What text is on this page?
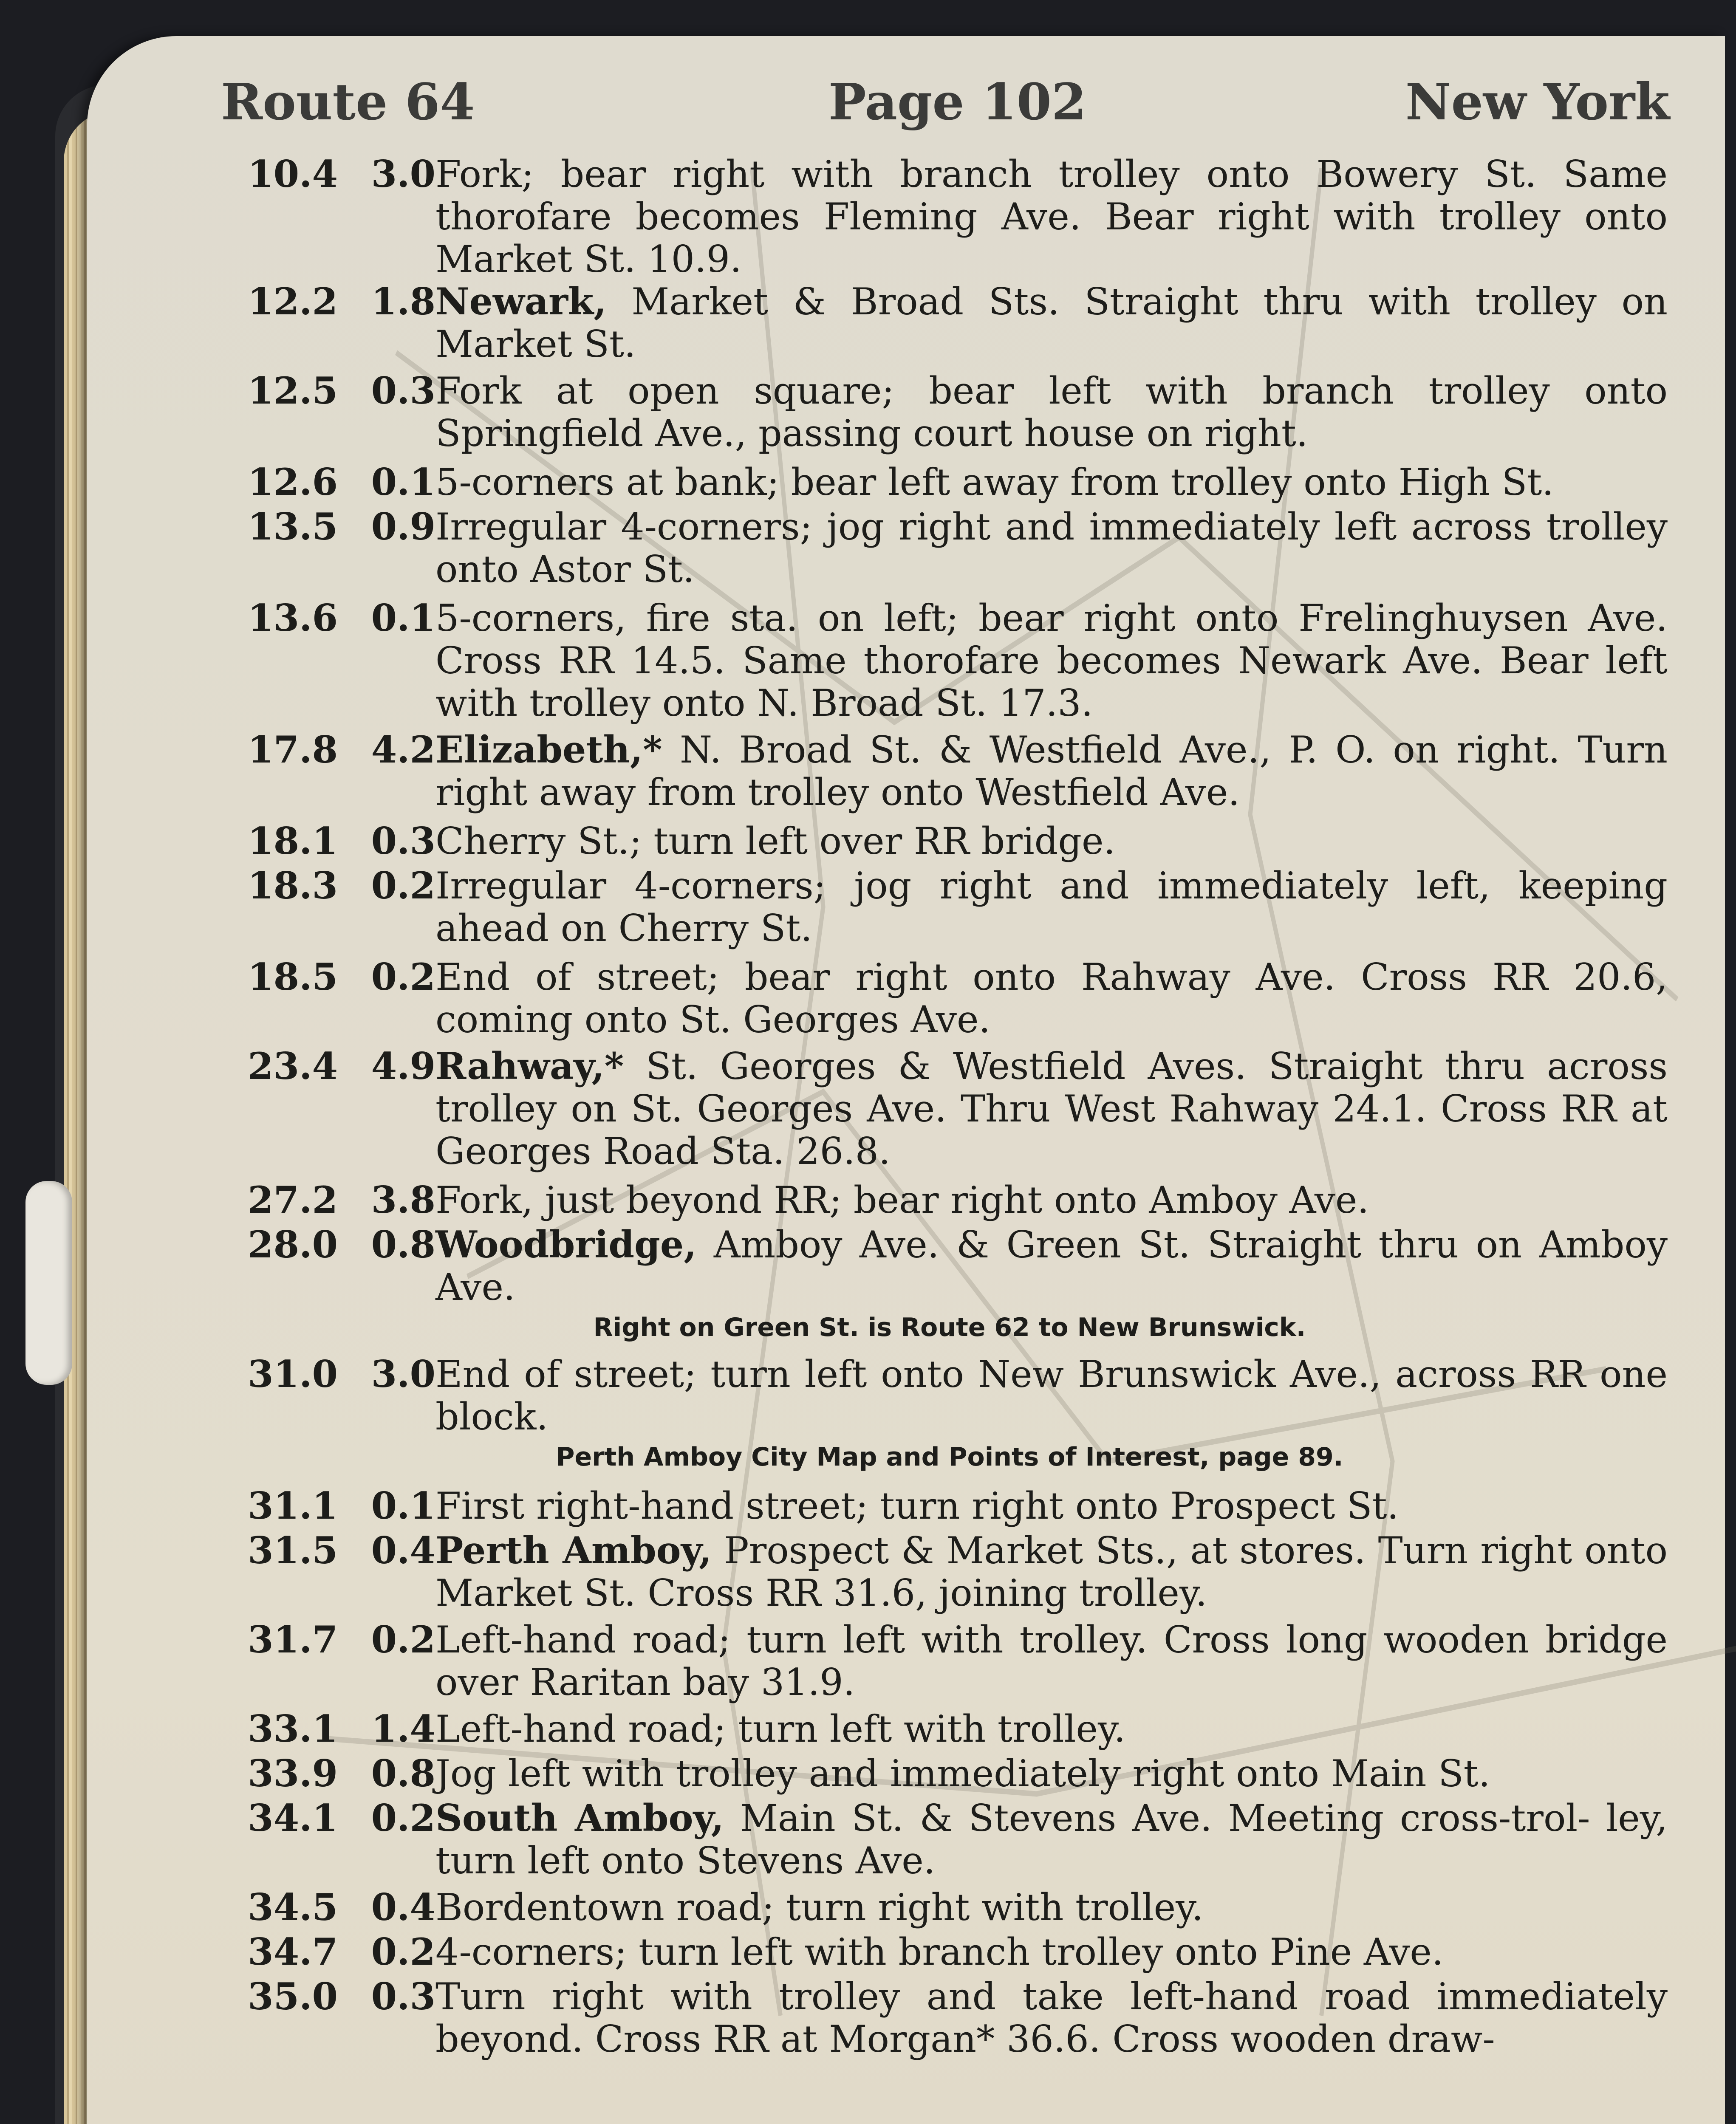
Route 64	Page 102	New York
10.4 3.0 Fork; bear right with branch trolley onto Bowery St. Same thorofare becomes Fleming Ave. Bear right with trolley onto Market St. 10.9.
12.2 1.8 Newark, Market & Broad Sts. Straight thru with trolley on Market St.
12.5 0.3 Fork at open square; bear left with branch trolley onto Springfield Ave., passing court house on right.
12.6 0.1 5-corners at bank; bear left away from trolley onto High St.
13.5 0.9 Irregular 4-corners; jog right and immediately left across trolley onto Astor St.
13.6 0.1 5-corners, fire sta. on left; bear right onto Frelinghuysen Ave. Cross RR 14.5. Same thorofare becomes Newark Ave. Bear left with trolley onto N. Broad St. 17.3.
17.8 4.2 Elizabeth,* N. Broad St. & Westfield Ave., P. O. on right. Turn right away from trolley onto Westfield Ave.
18.1 0.3 Cherry St.; turn left over RR bridge.
18.3 0.2 Irregular 4-corners; jog right and immediately left, keeping ahead on Cherry St.
18.5 0.2 End of street; bear right onto Rahway Ave. Cross RR 20.6, coming onto St. Georges Ave.
23.4 4.9 Rahway,* St. Georges & Westfield Aves. Straight thru across trolley on St. Georges Ave. Thru West Rahway 24.1. Cross RR at Georges Road Sta. 26.8.
27.2 3.8 Fork, just beyond RR; bear right onto Amboy Ave.
28.0 0.8 Woodbridge, Amboy Ave. & Green St. Straight thru on Amboy Ave.
31.0 3.0 End of street; turn left onto New Brunswick Ave., across RR one block.
31.1 0.1 First right-hand street; turn right onto Prospect St.
31.5 0.4 Perth Amboy, Prospect & Market Sts., at stores. Turn right onto Market St. Cross RR 31.6, joining trolley.
31.7 0.2 Left-hand road; turn left with trolley. Cross long wooden bridge over Raritan bay 31.9.
33.1 1.4 Left-hand road; turn left with trolley.
33.9 0.8 Jog left with trolley and immediately right onto Main St.
34.1 0.2 South Amboy, Main St. & Stevens Ave. Meeting cross-trol- ley, turn left onto Stevens Ave.
34.5 0.4 Bordentown road; turn right with trolley.
34.7 0.2 4-corners; turn left with branch trolley onto Pine Ave.
35.0 0.3 Turn right with trolley and take left-hand road immediately beyond. Cross RR at Morgan* 36.6. Cross wooden draw-
Right on Green St. is Route 62 to New Brunswick.
Perth Amboy City Map and Points of Interest, page 89.
